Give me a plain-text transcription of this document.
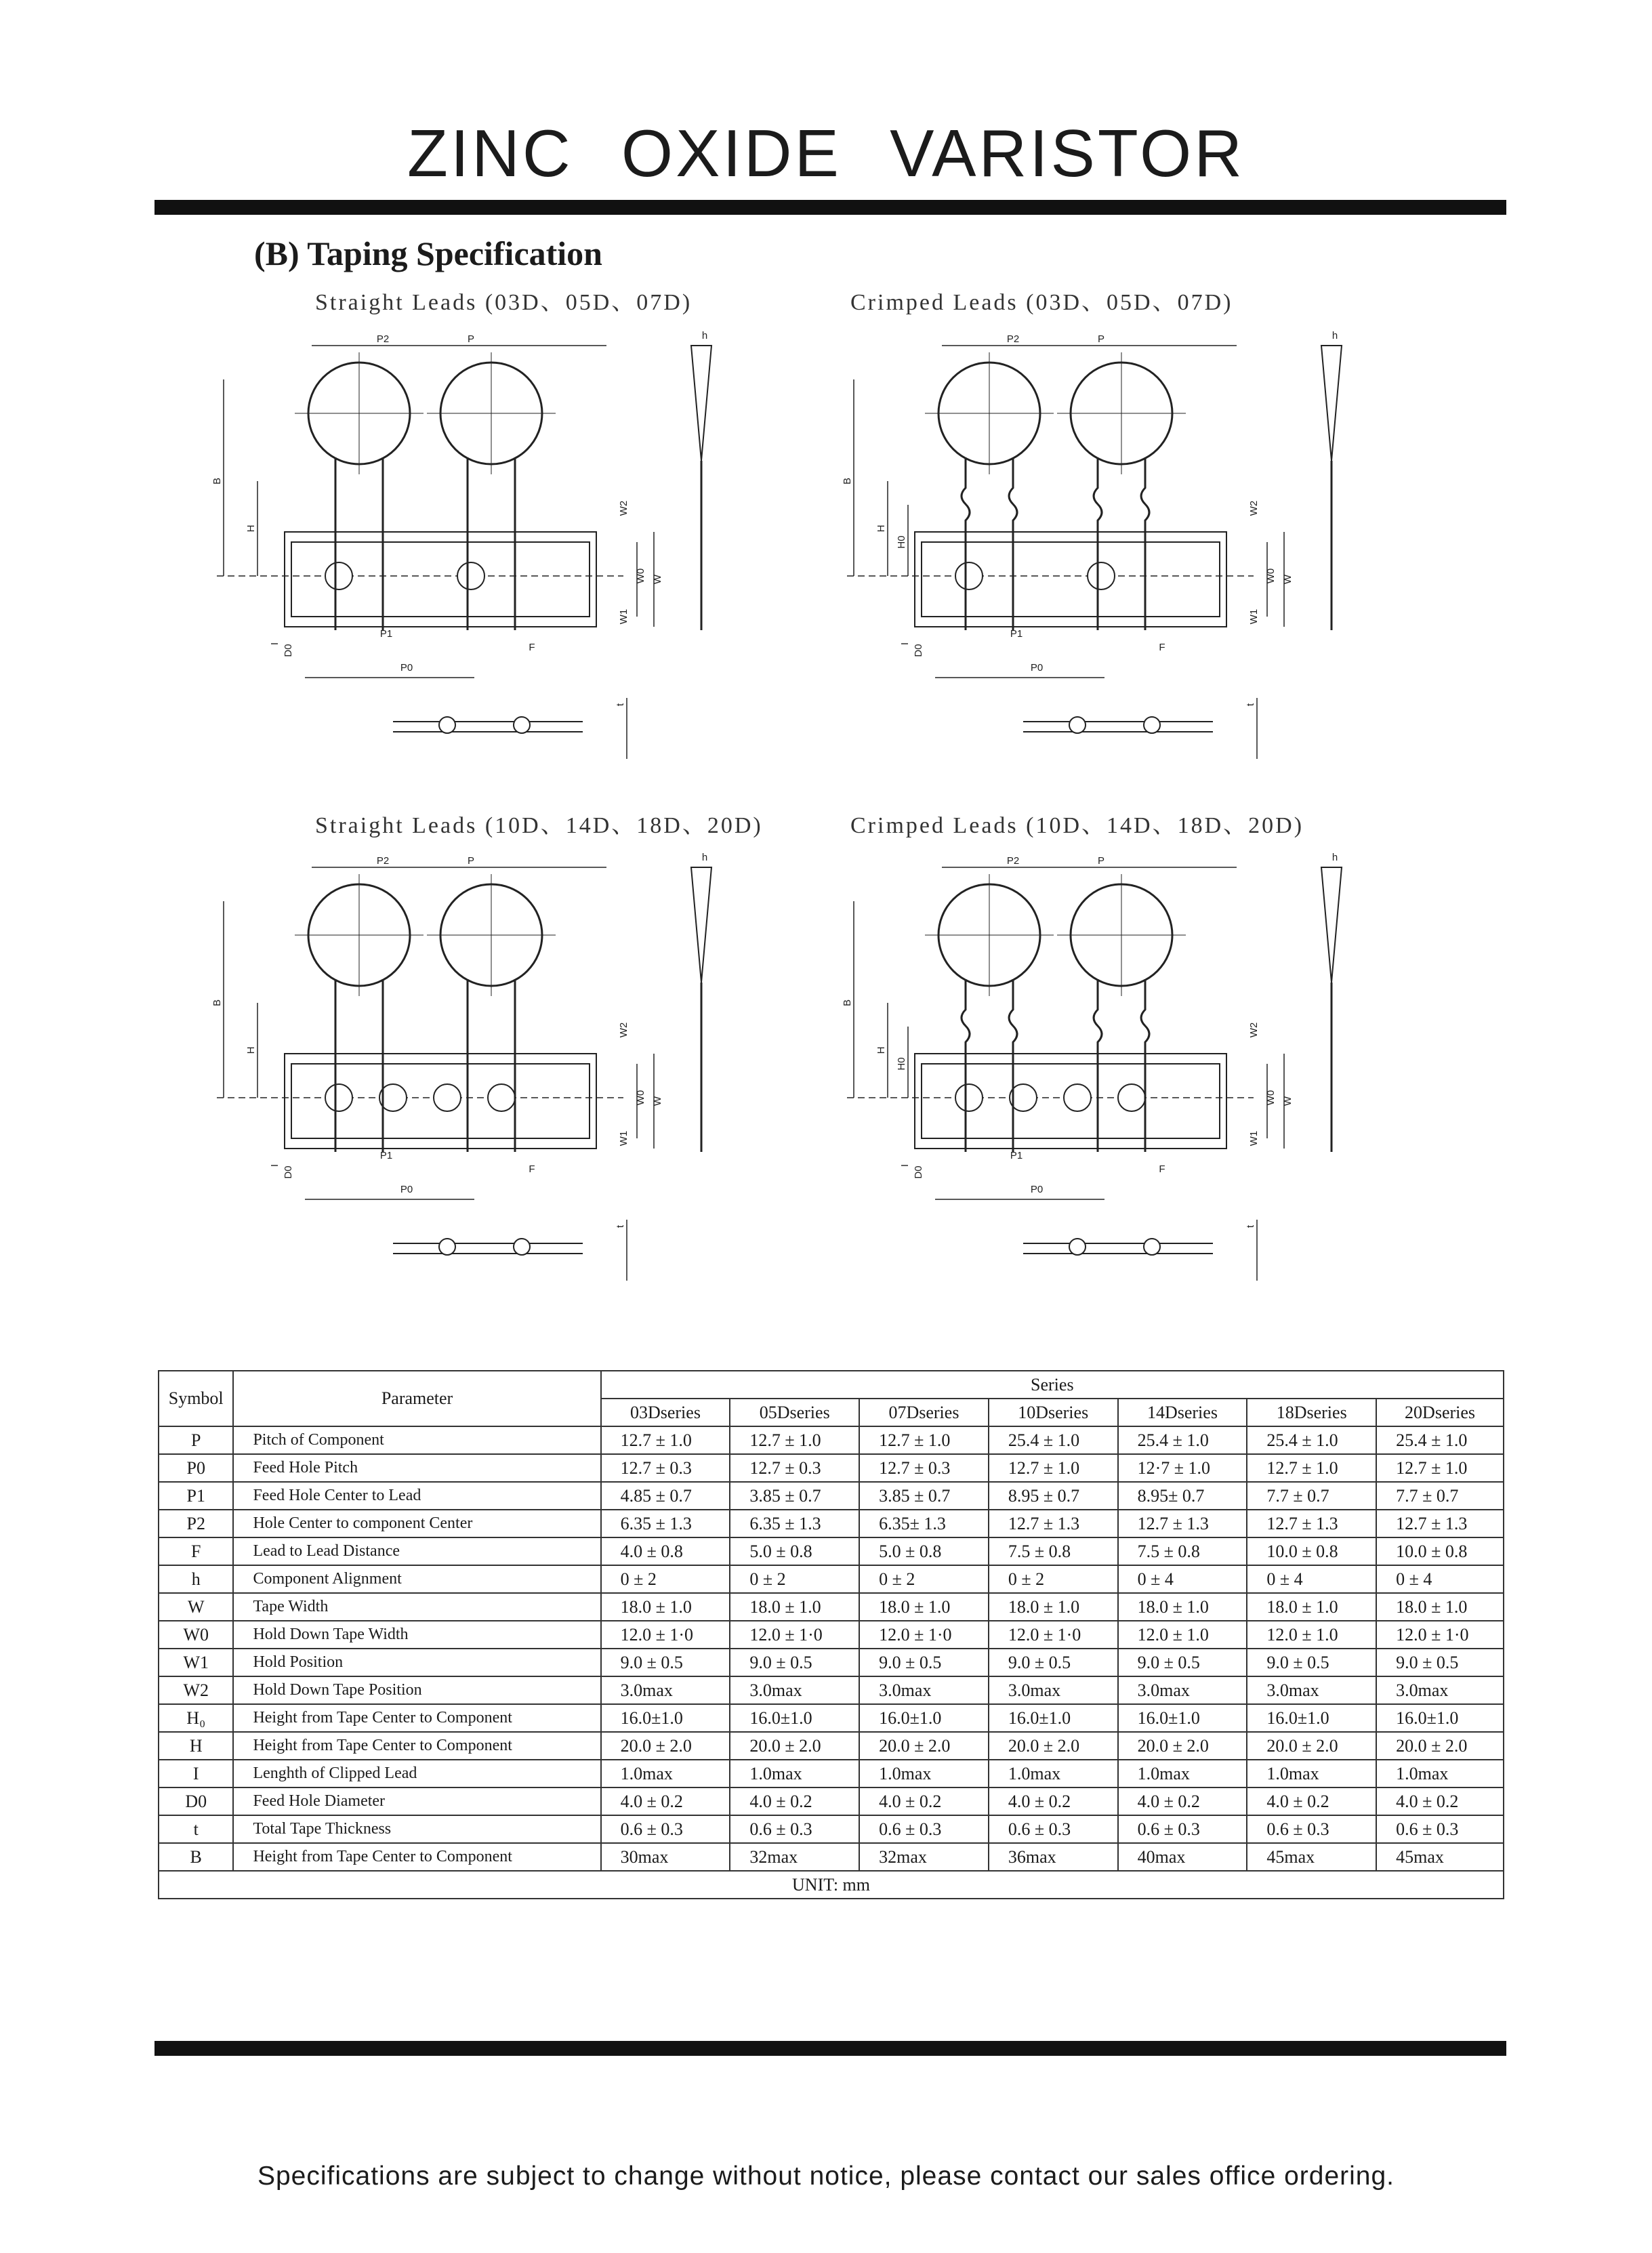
ZINC OXIDE VARISTOR
(B) Taping Specification
Straight Leads (03D、05D、07D)	Crimped Leads (03D、05D、07D)
Straight Leads (10D、14D、18D、20D)	Crimped Leads (10D、14D、18D、20D)
P2	P
B
H
W2
W0 W
W1
h
I
D0
P1
F
P0
t
P2	P
B
H
H0
W2
W0 W
W1
h
I
D0
P1
F
P0
t
P2	P
B
H
W2
W0 W
W1
h
I
D0
P1
F
P0
t
P2	P
B
H
H0
W2
W0 W
W1
h
I
D0
P1
F
P0
t
Symbol	Parameter	Series						
		03Dseries	05Dseries	07Dseries	10Dseries	14Dseries	18Dseries	20Dseries
P	Pitch of Component	12.7 ± 1.0	12.7 ± 1.0	12.7 ± 1.0	25.4 ± 1.0	25.4 ± 1.0	25.4 ± 1.0	25.4 ± 1.0
P0	Feed Hole Pitch	12.7 ± 0.3	12.7 ± 0.3	12.7 ± 0.3	12.7 ± 1.0	12·7 ± 1.0	12.7 ± 1.0	12.7 ± 1.0
P1	Feed Hole Center to Lead	4.85 ± 0.7	3.85 ± 0.7	3.85 ± 0.7	8.95 ± 0.7	8.95± 0.7	7.7 ± 0.7	7.7 ± 0.7
P2	Hole Center to component Center	6.35 ± 1.3	6.35 ± 1.3	6.35± 1.3	12.7 ± 1.3	12.7 ± 1.3	12.7 ± 1.3	12.7 ± 1.3
F	Lead to Lead Distance	4.0 ± 0.8	5.0 ± 0.8	5.0 ± 0.8	7.5 ± 0.8	7.5 ± 0.8	10.0 ± 0.8	10.0 ± 0.8
h	Component Alignment	0 ± 2	0 ± 2	0 ± 2	0 ± 2	0 ± 4	0 ± 4	0 ± 4
W	Tape Width	18.0 ± 1.0	18.0 ± 1.0	18.0 ± 1.0	18.0 ± 1.0	18.0 ± 1.0	18.0 ± 1.0	18.0 ± 1.0
W0	Hold Down Tape Width	12.0 ± 1·0	12.0 ± 1·0	12.0 ± 1·0	12.0 ± 1·0	12.0 ± 1.0	12.0 ± 1.0	12.0 ± 1·0
W1	Hold Position	9.0 ± 0.5	9.0 ± 0.5	9.0 ± 0.5	9.0 ± 0.5	9.0 ± 0.5	9.0 ± 0.5	9.0 ± 0.5
W2	Hold Down Tape Position	3.0max	3.0max	3.0max	3.0max	3.0max	3.0max	3.0max
H₀	Height from Tape Center to Component	16.0±1.0	16.0±1.0	16.0±1.0	16.0±1.0	16.0±1.0	16.0±1.0	16.0±1.0
H	Height from Tape Center to Component	20.0 ± 2.0	20.0 ± 2.0	20.0 ± 2.0	20.0 ± 2.0	20.0 ± 2.0	20.0 ± 2.0	20.0 ± 2.0
I	Lenghth of Clipped Lead	1.0max	1.0max	1.0max	1.0max	1.0max	1.0max	1.0max
D0	Feed Hole Diameter	4.0 ± 0.2	4.0 ± 0.2	4.0 ± 0.2	4.0 ± 0.2	4.0 ± 0.2	4.0 ± 0.2	4.0 ± 0.2
t	Total Tape Thickness	0.6 ± 0.3	0.6 ± 0.3	0.6 ± 0.3	0.6 ± 0.3	0.6 ± 0.3	0.6 ± 0.3	0.6 ± 0.3
B	Height from Tape Center to Component	30max	32max	32max	36max	40max	45max	45max
UNIT: mm								
Specifications are subject to change without notice, please contact our sales office ordering.
